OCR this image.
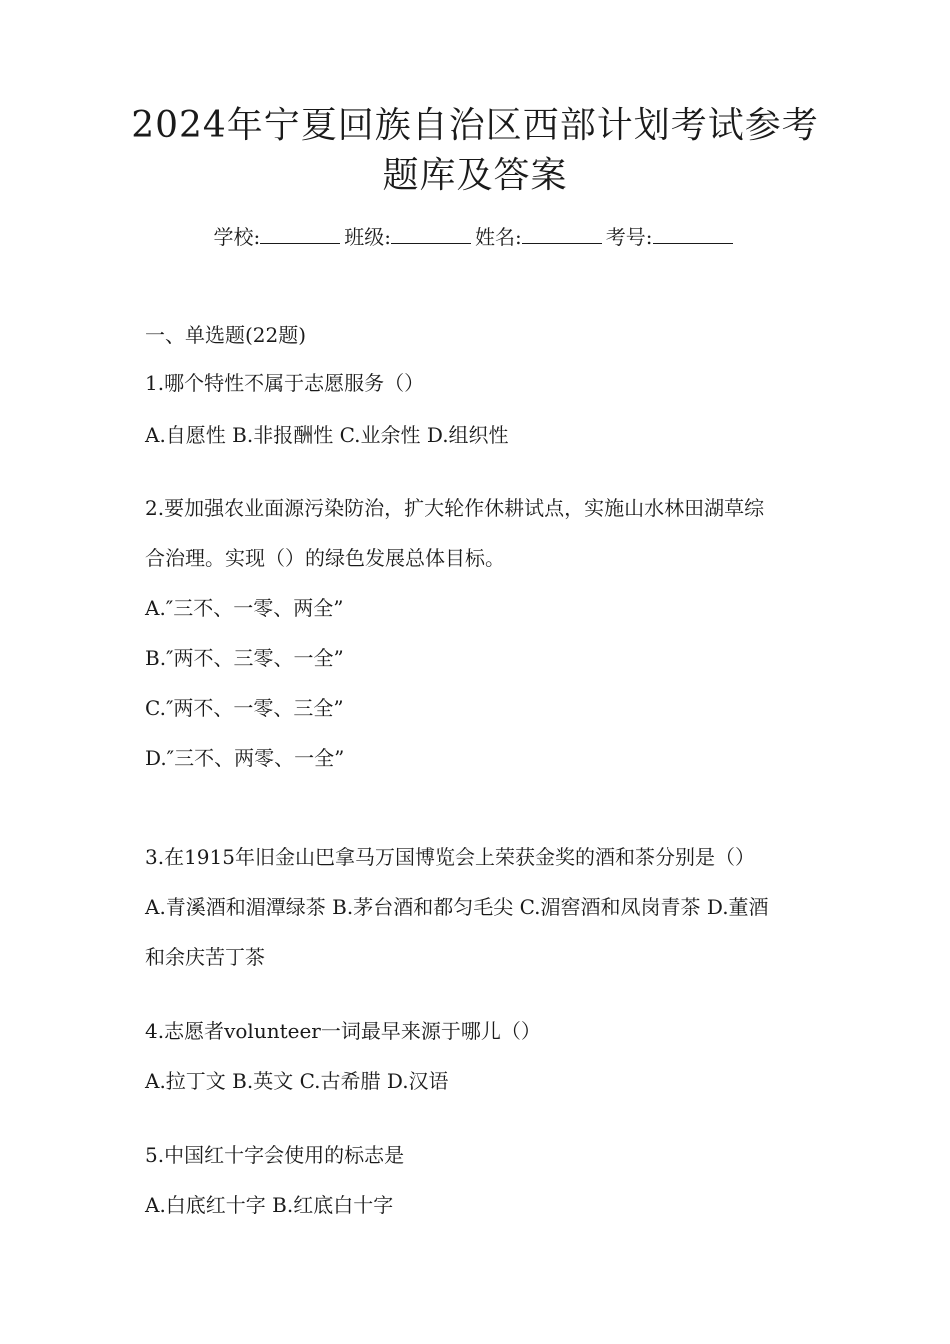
2024年宁夏回族自治区西部计划考试参考
题库及答案
学校:	班级:	姓名:	考号:
一、单选题(22题)
1.哪个特性不属于志愿服务（）
A.自愿性 B.非报酬性 C.业余性 D.组织性
2.要加强农业面源污染防治，扩大轮作休耕试点，实施山水林田湖草综
合治理。实现（）的绿色发展总体目标。
A.″三不、一零、两全”
B.″两不、三零、一全”
C.″两不、一零、三全”
D.″三不、两零、一全”
3.在1915年旧金山巴拿马万国博览会上荣获金奖的酒和茶分别是（）
A.青溪酒和湄潭绿茶 B.茅台酒和都匀毛尖 C.湄窖酒和凤岗青茶 D.董酒
和余庆苦丁茶
4.志愿者volunteer一词最早来源于哪儿（）
A.拉丁文 B.英文 C.古希腊 D.汉语
5.中国红十字会使用的标志是
A.白底红十字 B.红底白十字
